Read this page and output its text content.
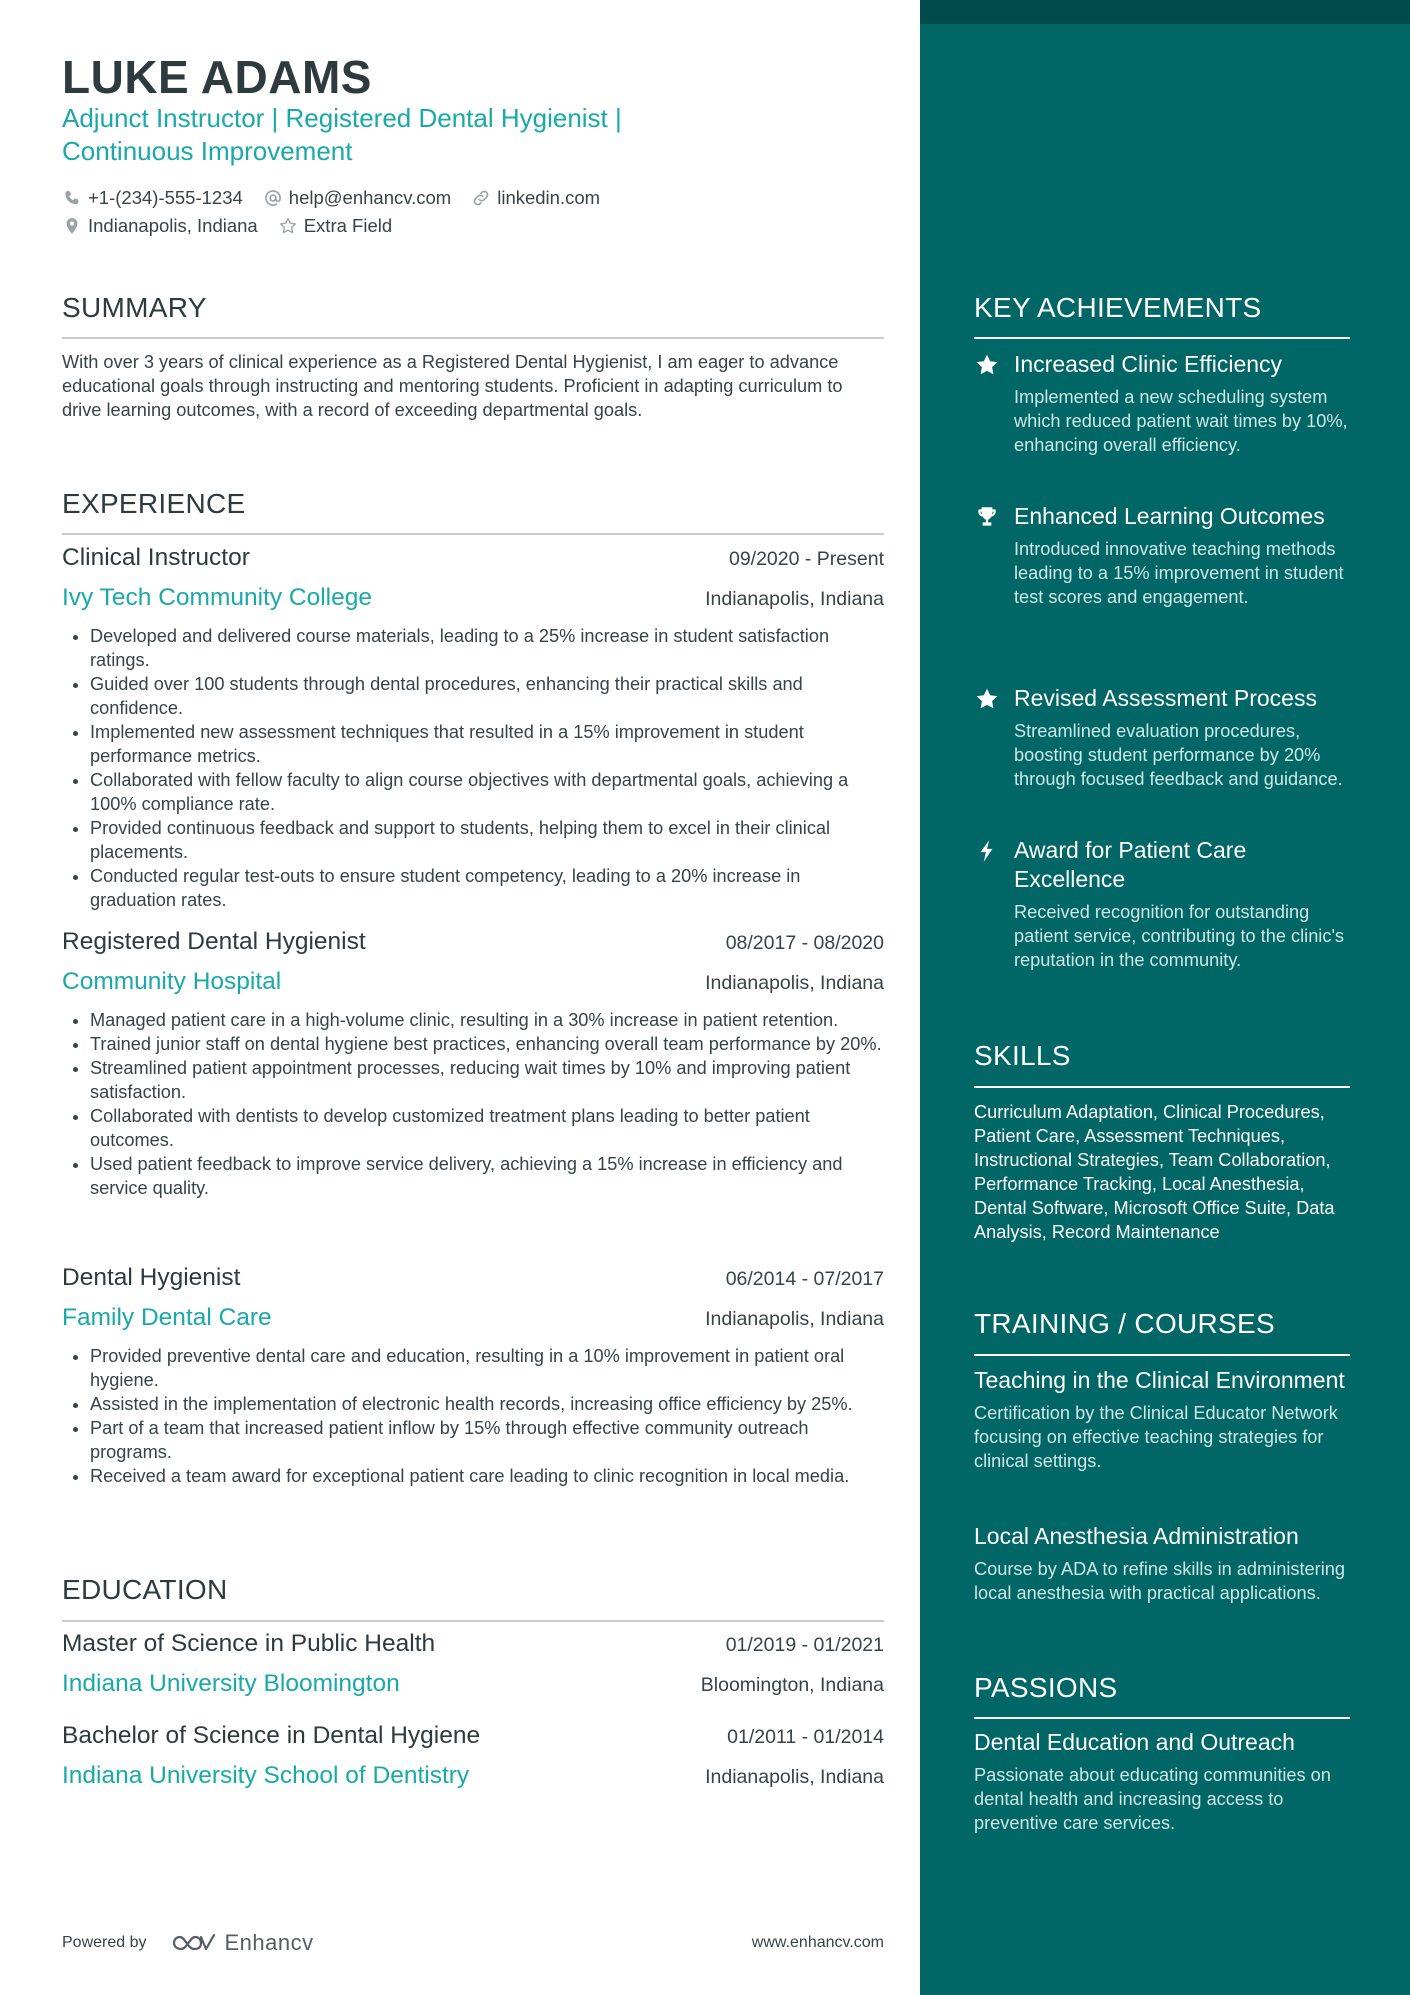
LUKE ADAMS

Adjunct Instructor | Registered Dental Hygienist | Continuous Improvement

+1-(234)-555-1234 help@enhancv.com linkedin.com
Indianapolis, Indiana Extra Field
SUMMARY

With over 3 years of clinical experience as a Registered Dental Hygienist, I am eager to advance educational goals through instructing and mentoring students. Proficient in adapting curriculum to drive learning outcomes, with a record of exceeding departmental goals.

EXPERIENCE
Clinical Instructor	09/2020 - Present
Ivy Tech Community College	Indianapolis, Indiana
• Developed and delivered course materials, leading to a 25% increase in student satisfaction ratings.
• Guided over 100 students through dental procedures, enhancing their practical skills and confidence.
• Implemented new assessment techniques that resulted in a 15% improvement in student performance metrics.
• Collaborated with fellow faculty to align course objectives with departmental goals, achieving a 100% compliance rate.
• Provided continuous feedback and support to students, helping them to excel in their clinical placements.
• Conducted regular test-outs to ensure student competency, leading to a 20% increase in graduation rates.
Registered Dental Hygienist	08/2017 - 08/2020
Community Hospital	Indianapolis, Indiana
• Managed patient care in a high-volume clinic, resulting in a 30% increase in patient retention.
• Trained junior staff on dental hygiene best practices, enhancing overall team performance by 20%.
• Streamlined patient appointment processes, reducing wait times by 10% and improving patient satisfaction.
• Collaborated with dentists to develop customized treatment plans leading to better patient outcomes.
• Used patient feedback to improve service delivery, achieving a 15% increase in efficiency and service quality.
Dental Hygienist	06/2014 - 07/2017
Family Dental Care	Indianapolis, Indiana
• Provided preventive dental care and education, resulting in a 10% improvement in patient oral hygiene.
• Assisted in the implementation of electronic health records, increasing office efficiency by 25%.
• Part of a team that increased patient inflow by 15% through effective community outreach programs.
• Received a team award for exceptional patient care leading to clinic recognition in local media.
EDUCATION
Master of Science in Public Health	01/2019 - 01/2021
Indiana University Bloomington	Bloomington, Indiana
Bachelor of Science in Dental Hygiene	01/2011 - 01/2014
Indiana University School of Dentistry	Indianapolis, Indiana
Powered by	Enhancv	www.enhancv.com
KEY ACHIEVEMENTS
Increased Clinic Efficiency
Implemented a new scheduling system which reduced patient wait times by 10%, enhancing overall efficiency.
Enhanced Learning Outcomes
Introduced innovative teaching methods leading to a 15% improvement in student test scores and engagement.
Revised Assessment Process
Streamlined evaluation procedures, boosting student performance by 20% through focused feedback and guidance.
Award for Patient Care Excellence
Received recognition for outstanding patient service, contributing to the clinic's reputation in the community.
SKILLS

Curriculum Adaptation, Clinical Procedures, Patient Care, Assessment Techniques, Instructional Strategies, Team Collaboration, Performance Tracking, Local Anesthesia, Dental Software, Microsoft Office Suite, Data Analysis, Record Maintenance

TRAINING / COURSES
Teaching in the Clinical Environment
Certification by the Clinical Educator Network focusing on effective teaching strategies for clinical settings.
Local Anesthesia Administration
Course by ADA to refine skills in administering local anesthesia with practical applications.
PASSIONS
Dental Education and Outreach
Passionate about educating communities on dental health and increasing access to preventive care services.
